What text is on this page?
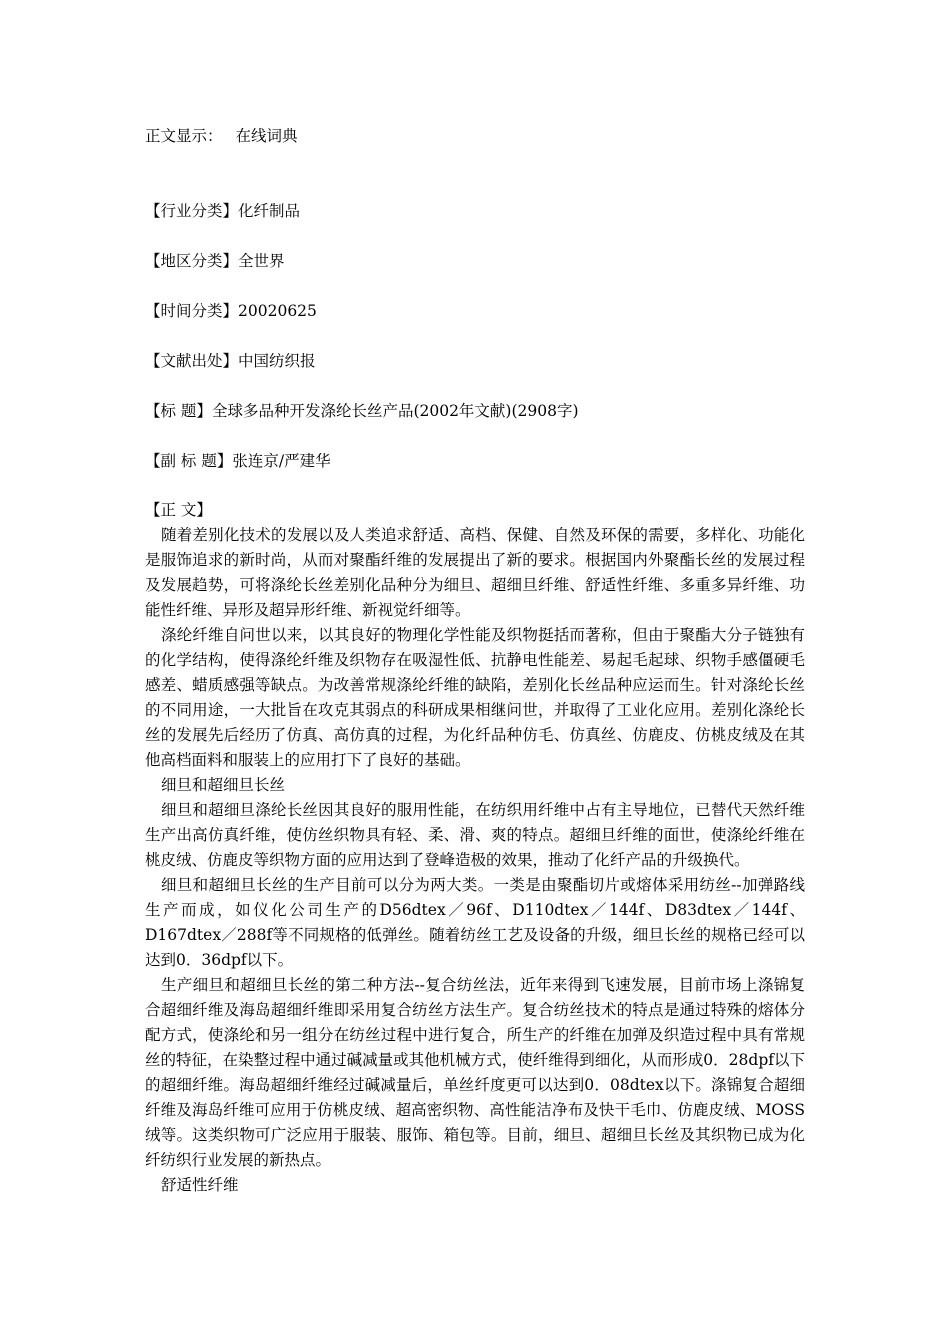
正文显示： 在线词典
【行业分类】化纤制品
【地区分类】全世界
【时间分类】20020625
【文献出处】中国纺织报
【标 题】全球多品种开发涤纶长丝产品(2002年文献)(2908字)
【副 标 题】张连京/严建华
【正 文】

随着差别化技术的发展以及人类追求舒适、高档、保健、自然及环保的需要，多样化、功能化是服饰追求的新时尚，从而对聚酯纤维的发展提出了新的要求。根据国内外聚酯长丝的发展过程及发展趋势，可将涤纶长丝差别化品种分为细旦、超细旦纤维、舒适性纤维、多重多异纤维、功能性纤维、异形及超异形纤维、新视觉纤细等。

涤纶纤维自问世以来，以其良好的物理化学性能及织物挺括而著称，但由于聚酯大分子链独有的化学结构，使得涤纶纤维及织物存在吸湿性低、抗静电性能差、易起毛起球、织物手感僵硬毛感差、蜡质感强等缺点。为改善常规涤纶纤维的缺陷，差别化长丝品种应运而生。针对涤纶长丝的不同用途，一大批旨在攻克其弱点的科研成果相继问世，并取得了工业化应用。差别化涤纶长丝的发展先后经历了仿真、高仿真的过程，为化纤品种仿毛、仿真丝、仿鹿皮、仿桃皮绒及在其他高档面料和服装上的应用打下了良好的基础。

细旦和超细旦长丝

细旦和超细旦涤纶长丝因其良好的服用性能，在纺织用纤维中占有主导地位，已替代天然纤维生产出高仿真纤维，使仿丝织物具有轻、柔、滑、爽的特点。超细旦纤维的面世，使涤纶纤维在桃皮绒、仿鹿皮等织物方面的应用达到了登峰造极的效果，推动了化纤产品的升级换代。

细旦和超细旦长丝的生产目前可以分为两大类。一类是由聚酯切片或熔体采用纺丝--加弹路线生产而成，如仪化公司生产的D56dtex／96f、D110dtex／144f、D83dtex／144f、D167dtex／288f等不同规格的低弹丝。随着纺丝工艺及设备的升级，细旦长丝的规格已经可以达到0．36dpf以下。

生产细旦和超细旦长丝的第二种方法--复合纺丝法，近年来得到飞速发展，目前市场上涤锦复合超细纤维及海岛超细纤维即采用复合纺丝方法生产。复合纺丝技术的特点是通过特殊的熔体分配方式，使涤纶和另一组分在纺丝过程中进行复合，所生产的纤维在加弹及织造过程中具有常规丝的特征，在染整过程中通过碱减量或其他机械方式，使纤维得到细化，从而形成0．28dpf以下的超细纤维。海岛超细纤维经过碱减量后，单丝纤度更可以达到0．08dtex以下。涤锦复合超细纤维及海岛纤维可应用于仿桃皮绒、超高密织物、高性能洁净布及快干毛巾、仿鹿皮绒、MOSS绒等。这类织物可广泛应用于服装、服饰、箱包等。目前，细旦、超细旦长丝及其织物已成为化纤纺织行业发展的新热点。

舒适性纤维
